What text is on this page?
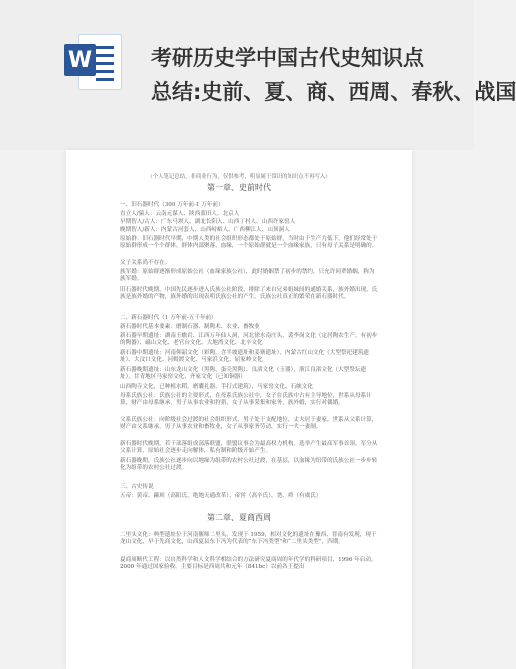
W	考研历史学中国古代史知识点
总结:史前、夏、商、西周、春秋、战国
（个人笔记总结，非商业行为，仅供参考，明显属于常识的知识点不再写入）
第一章、史前时代
一、旧石器时代（300 万年前-1 万年前）
直立人/猿人：云南元谋人、陕西蓝田人、北京人
早期智人/古人：广东马坝人、湖北长阳人、山西丁村人、山西许家窑人
晚期智人/新人：内蒙古河套人、山西峙峪人、广西柳江人、山顶洞人
原始群：旧石器时代早期，中期人类的社会组织形态都处于原始群，当时由于生产力低下，他们经常处于原始群形成一个个群体，群体内部聚落、血缘，一个原始群就是一个血缘家族，只有母子关系是明确的。
父子关系尚不存在。
族军婚：原始群逐渐形成原始公社（血缘家族公社），此时婚姻禁了初步的禁约，只允许同辈婚姻，称为族军婚。
旧石器时代晚期，中国先民逐步进入氏族公社阶段，排除了来自兄弟姐妹间的通婚关系，族外婚出现，氏族是族外婚的产物，族外婚的出现表明氏族公社的产生，氏族公社真正的繁荣在新石器时代。
二、新石器时代（1 万年前-五千年前）
新石器时代基本要素：磨制石器、制陶术、农业、畜牧业
新石器早期遗址：湖南玉蟾岩、江西万年仙人洞，河北徐水南庄头，裴李岗文化（定居陶农生产，有初步的陶器）、磁山文化、老官台文化、大地湾文化、北辛文化
新石器中期遗址：河南仰韶文化（彩陶，含半坡遗址和姜寨遗址），内蒙古红山文化（大型祭祀建筑遗址）、大汶口文化、河姆渡文化、马家浜文化、屈家岭文化
新石器晚期遗址：山东龙山文化（黑陶，蛋壳黑陶）、良渚文化（玉器），浙江良渚文化（大型祭坛遗址），甘青地区马家窑文化，齐家文化（已知铜器）
山西陶寺文化，已种植水稻，磨囊礼器、手打式建筑）、马家窑文化、石峡文化
母系氏族公社：氏族公社的主要形式，在母系氏族公社中，女子在氏族中占有主导地位，世系从母系计算，财产由母系继承，男子从事农业和狩猎，女子从事采集和家务，族外婚，实行对偶婚。
父系氏族公社：向阶级社会过渡的社会组织形式，男子处于支配地位，丈夫居于妻家，世系从父系计算，财产由父系继承，男子从事农业和畜牧业，女子从事家务劳动，实行一夫一妻制。
新石器时代晚期，若干部落组成部落联盟，联盟议事会为最高权力机构，选举产生最高军事首领，军分从父系计算，原始社会逐步走向解体，私有制和阶级开始产生。
新石器晚期，氏族公社逐步向以地缘为组带的农村公社过渡，在基层，以血缘为纽带的氏族公社一步步转化为组带的农村公社过渡。
三、古史传说
五帝：黄帝、颛顼（高阳氏，绝地天通改革）、帝喾（高辛氏）、尧、舜（有虞氏）
第二章、夏商西周
二里头文化：典型遗址位于河南偃师二里头，发现于 1959，相对文化的遗址在豫西、晋南有发现，现于龙山文化，早于先商文化，山西夏县东下冯为代表的“东下冯类型”和“二里头类型”，四期。
夏商周断代工程：以自然科学和人文科学相结合的方法研究夏商周的年代学的科研项目，1996 年启动，2000 年通过国家验收。主要目标是西周共和元年（841bc）以前各王提出
